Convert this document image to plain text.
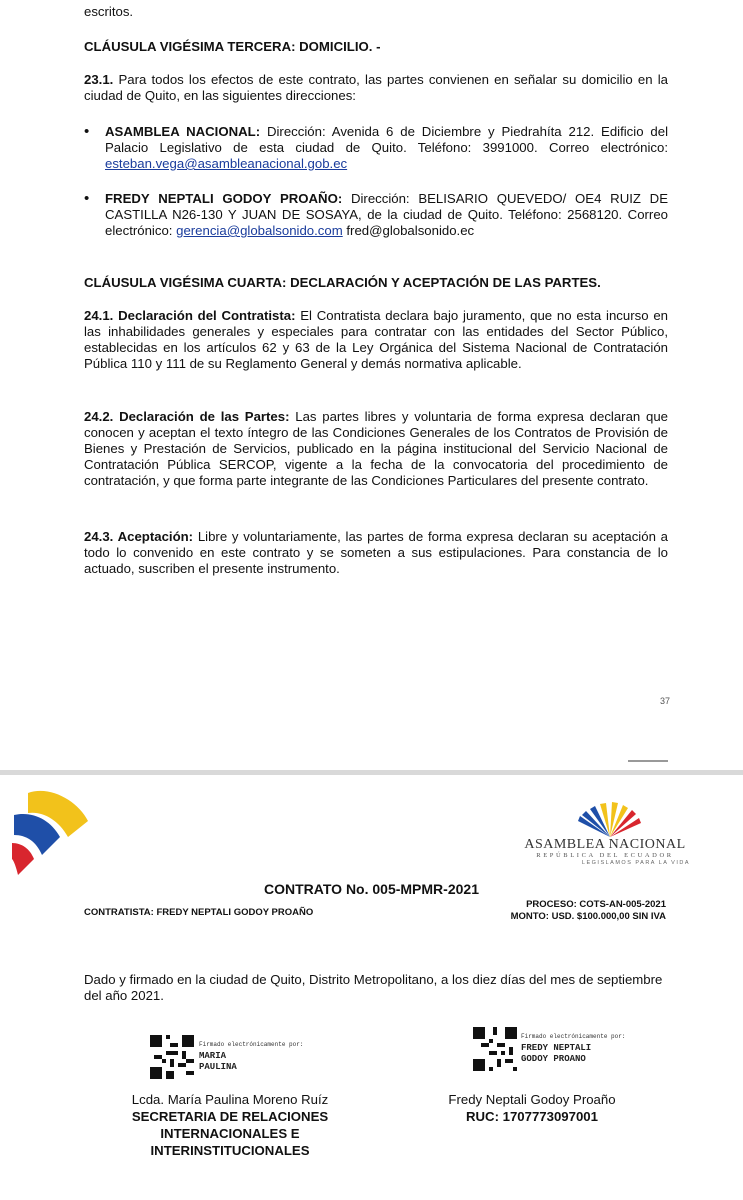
escritos.

CLÁUSULA VIGÉSIMA TERCERA: DOMICILIO. -

23.1. Para todos los efectos de este contrato, las partes convienen en señalar su domicilio en la ciudad de Quito, en las siguientes direcciones:

• ASAMBLEA NACIONAL: Dirección: Avenida 6 de Diciembre y Piedrahíta 212. Edificio del Palacio Legislativo de esta ciudad de Quito. Teléfono: 3991000. Correo electrónico: esteban.vega@asambleanacional.gob.ec

• FREDY NEPTALI GODOY PROAÑO: Dirección: BELISARIO QUEVEDO/ OE4 RUIZ DE CASTILLA N26-130 Y JUAN DE SOSAYA, de la ciudad de Quito. Teléfono: 2568120. Correo electrónico: gerencia@globalsonido.com fred@globalsonido.ec

CLÁUSULA VIGÉSIMA CUARTA: DECLARACIÓN Y ACEPTACIÓN DE LAS PARTES.

24.1. Declaración del Contratista: El Contratista declara bajo juramento, que no esta incurso en las inhabilidades generales y especiales para contratar con las entidades del Sector Público, establecidas en los artículos 62 y 63 de la Ley Orgánica del Sistema Nacional de Contratación Pública 110 y 111 de su Reglamento General y demás normativa aplicable.

24.2. Declaración de las Partes: Las partes libres y voluntaria de forma expresa declaran que conocen y aceptan el texto íntegro de las Condiciones Generales de los Contratos de Provisión de Bienes y Prestación de Servicios, publicado en la página institucional del Servicio Nacional de Contratación Pública SERCOP, vigente a la fecha de la convocatoria del procedimiento de contratación, y que forma parte integrante de las Condiciones Particulares del presente contrato.

24.3. Aceptación: Libre y voluntariamente, las partes de forma expresa declaran su aceptación a todo lo convenido en este contrato y se someten a sus estipulaciones. Para constancia de lo actuado, suscriben el presente instrumento.

37
ASAMBLEA NACIONAL
REPÚBLICA DEL ECUADOR
LEGISLAMOS PARA LA VIDA
CONTRATO No. 005-MPMR-2021
CONTRATISTA: FREDY NEPTALI GODOY PROAÑO
PROCESO: COTS-AN-005-2021
MONTO: USD. $100.000,00 SIN IVA

Dado y firmado en la ciudad de Quito, Distrito Metropolitano, a los diez días del mes de septiembre del año 2021.

Firmado electrónicamente por:
MARIA
PAULINA
Lcda. María Paulina Moreno Ruíz
SECRETARIA DE RELACIONES
INTERNACIONALES E
INTERINSTITUCIONALES
Firmado electrónicamente por:
FREDY NEPTALI
GODOY PROANO
Fredy Neptali Godoy Proaño
RUC: 1707773097001
